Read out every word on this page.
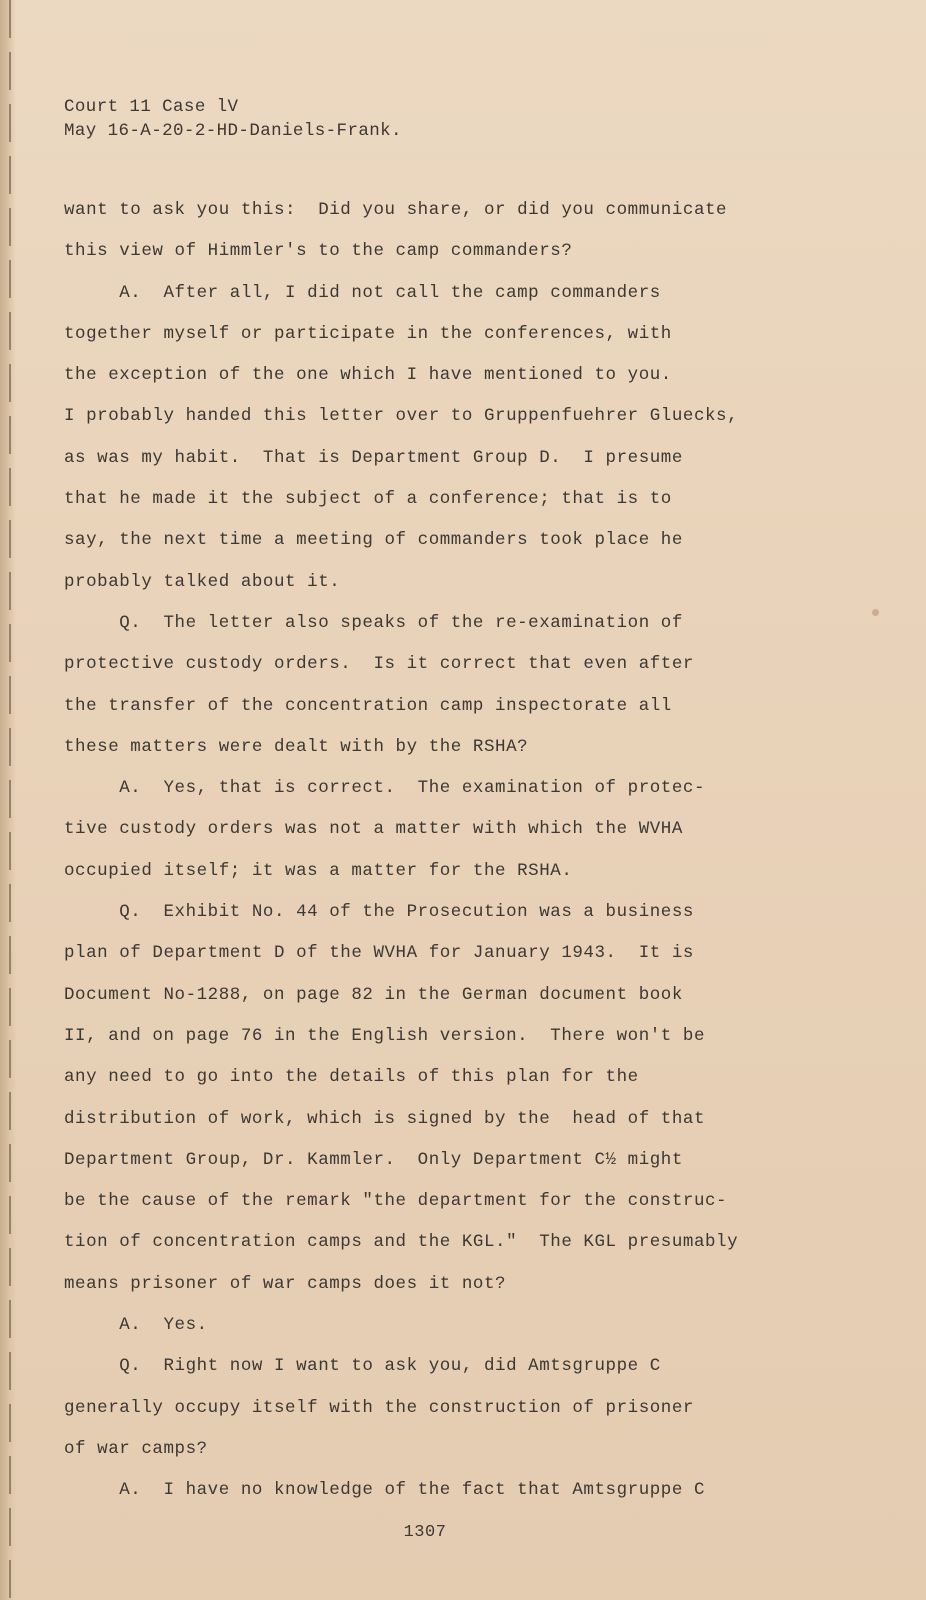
Court 11 Case lV
May 16-A-20-2-HD-Daniels-Frank.
want to ask you this:  Did you share, or did you communicate
this view of Himmler's to the camp commanders?
A.  After all, I did not call the camp commanders
together myself or participate in the conferences, with
the exception of the one which I have mentioned to you.
I probably handed this letter over to Gruppenfuehrer Gluecks,
as was my habit.  That is Department Group D.  I presume
that he made it the subject of a conference; that is to
say, the next time a meeting of commanders took place he
probably talked about it.
Q.  The letter also speaks of the re-examination of
protective custody orders.  Is it correct that even after
the transfer of the concentration camp inspectorate all
these matters were dealt with by the RSHA?
A.  Yes, that is correct.  The examination of protec-
tive custody orders was not a matter with which the WVHA
occupied itself; it was a matter for the RSHA.
Q.  Exhibit No. 44 of the Prosecution was a business
plan of Department D of the WVHA for January 1943.  It is
Document No-1288, on page 82 in the German document book
II, and on page 76 in the English version.  There won't be
any need to go into the details of this plan for the
distribution of work, which is signed by the  head of that
Department Group, Dr. Kammler.  Only Department C½ might
be the cause of the remark "the department for the construc-
tion of concentration camps and the KGL."  The KGL presumably
means prisoner of war camps does it not?
A.  Yes.
Q.  Right now I want to ask you, did Amtsgruppe C
generally occupy itself with the construction of prisoner
of war camps?
A.  I have no knowledge of the fact that Amtsgruppe C
1307
